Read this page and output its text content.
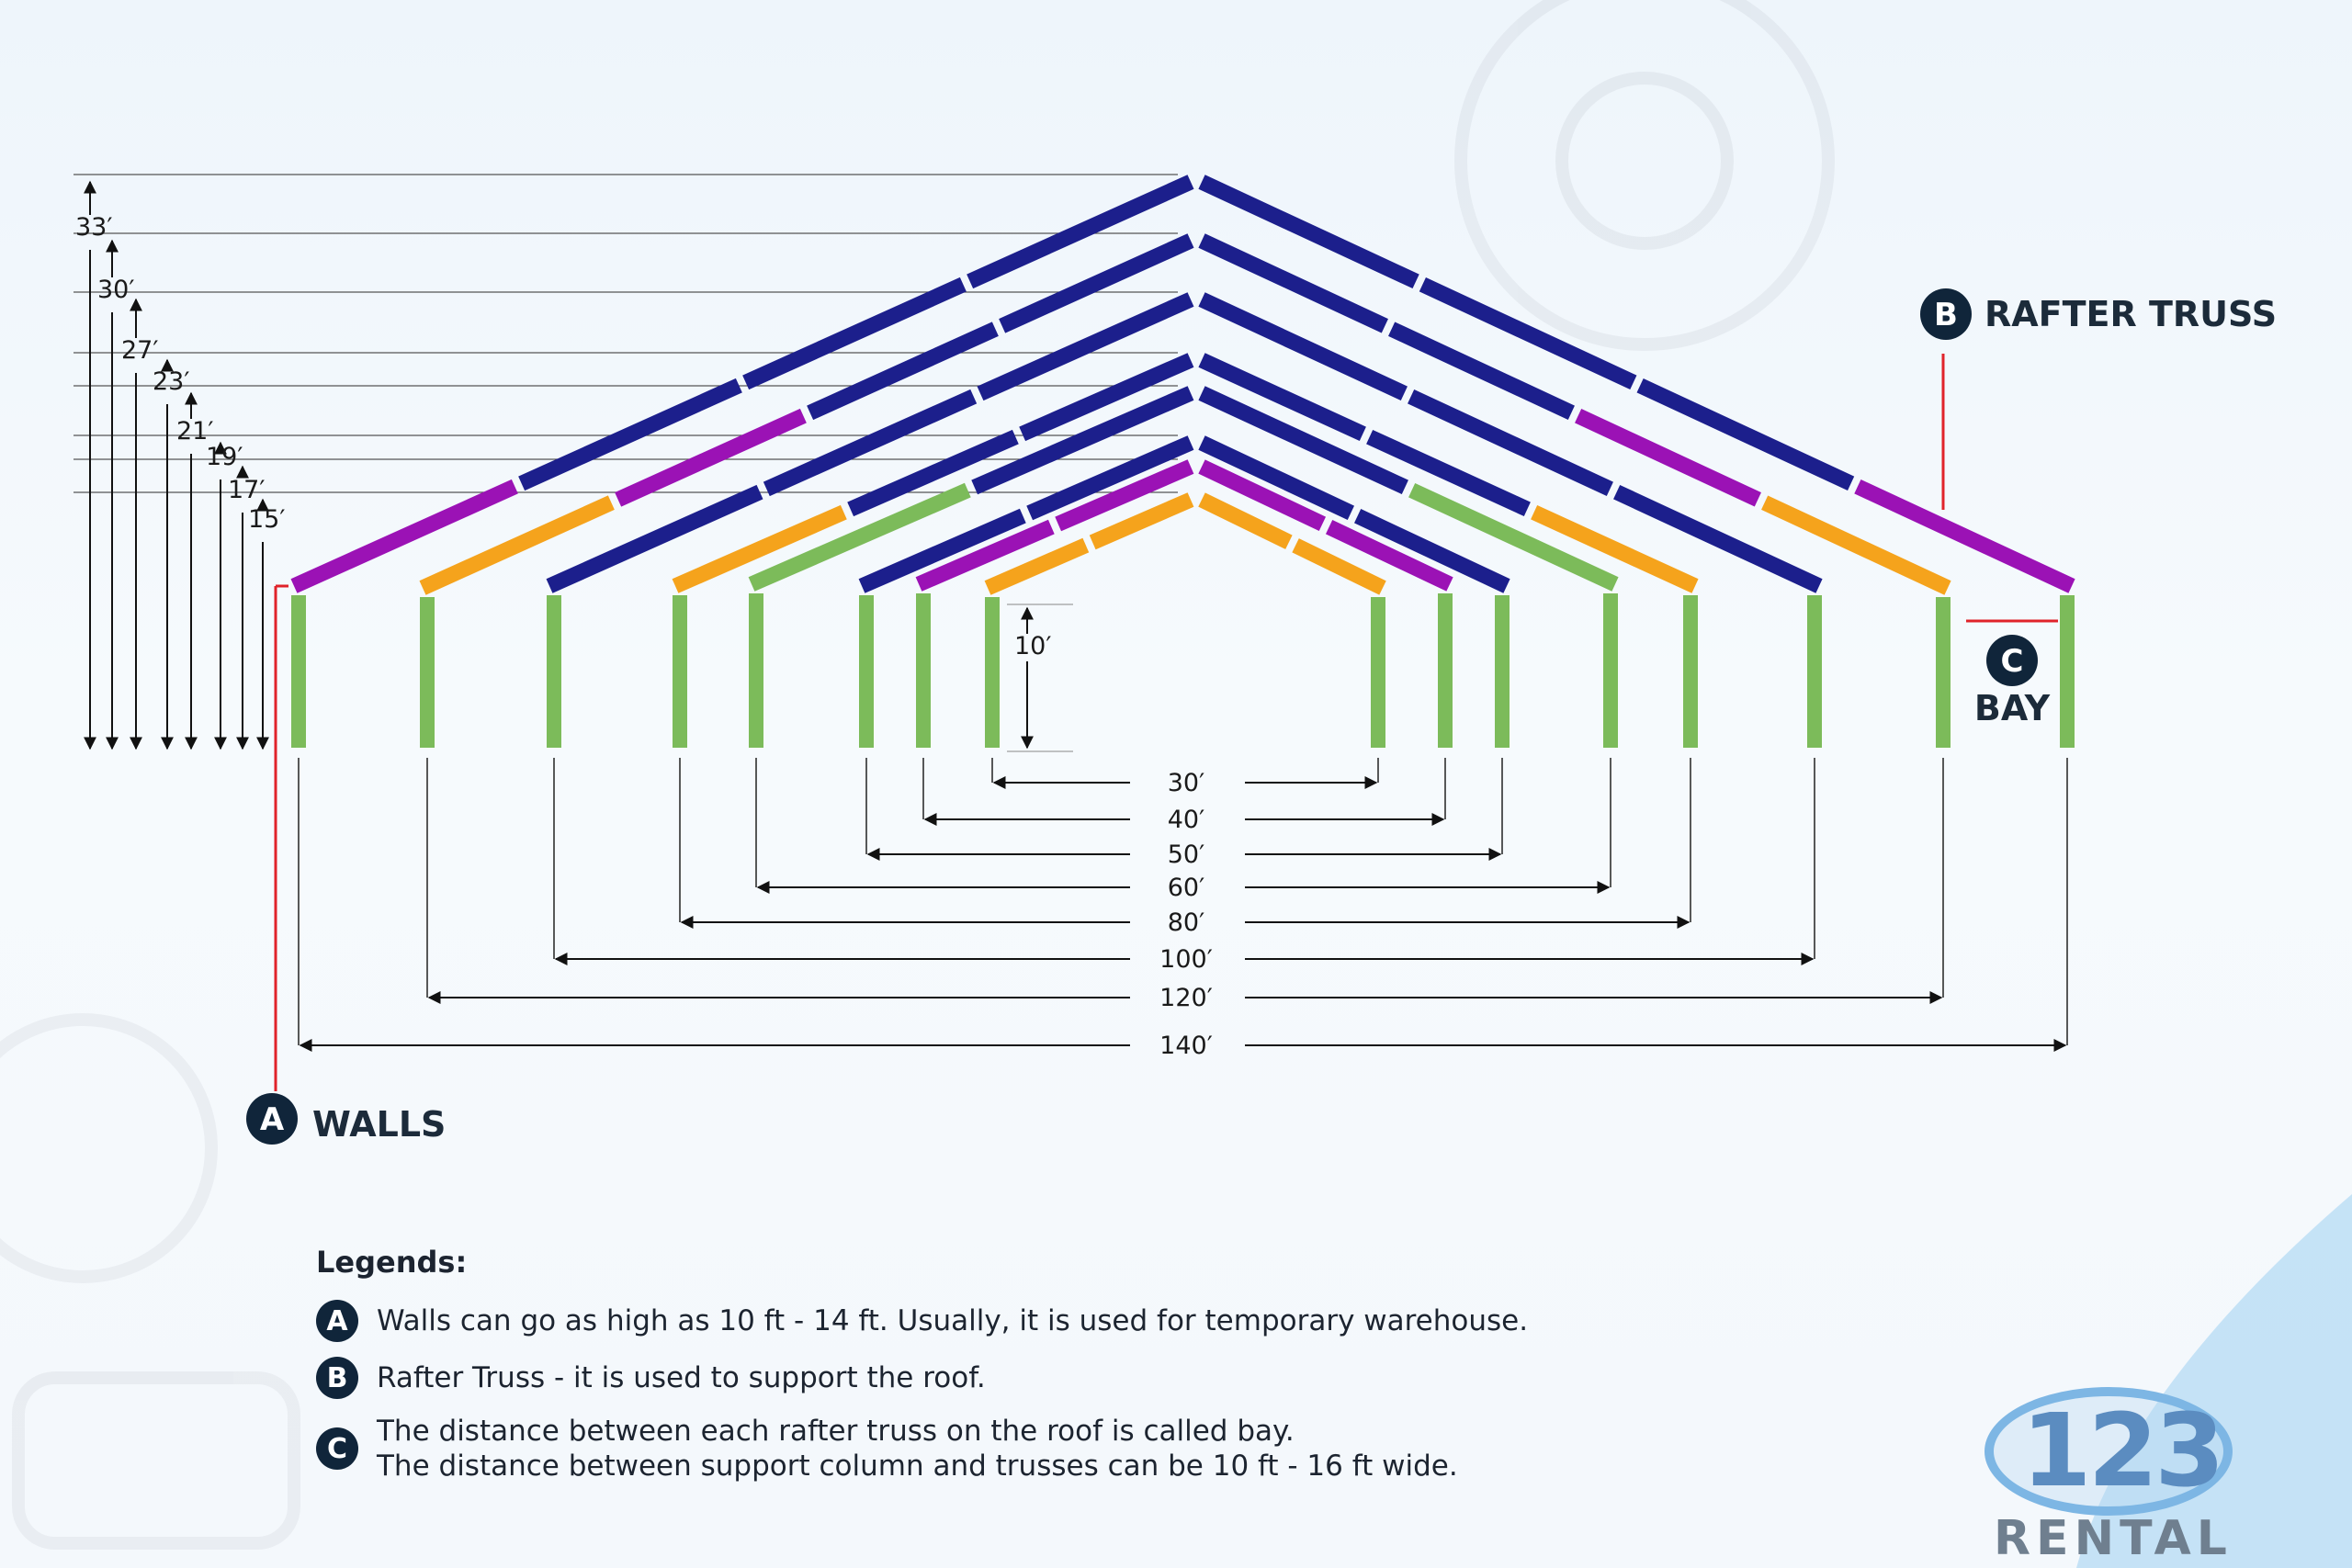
33′
30′
27′
23′
21′
19′
17′
15′
10′
30′
40′
50′
60′
80′
100′
120′
140′
A WALLS
B RAFTER TRUSS
C
BAY
Legends:
A	Walls can go as high as 10 ft - 14 ft. Usually, it is used for temporary warehouse.
B	Rafter Truss - it is used to support the roof.
C
The distance between each rafter truss on the roof is called bay.
The distance between support column and trusses can be 10 ft - 16 ft wide.	123
RENTAL
